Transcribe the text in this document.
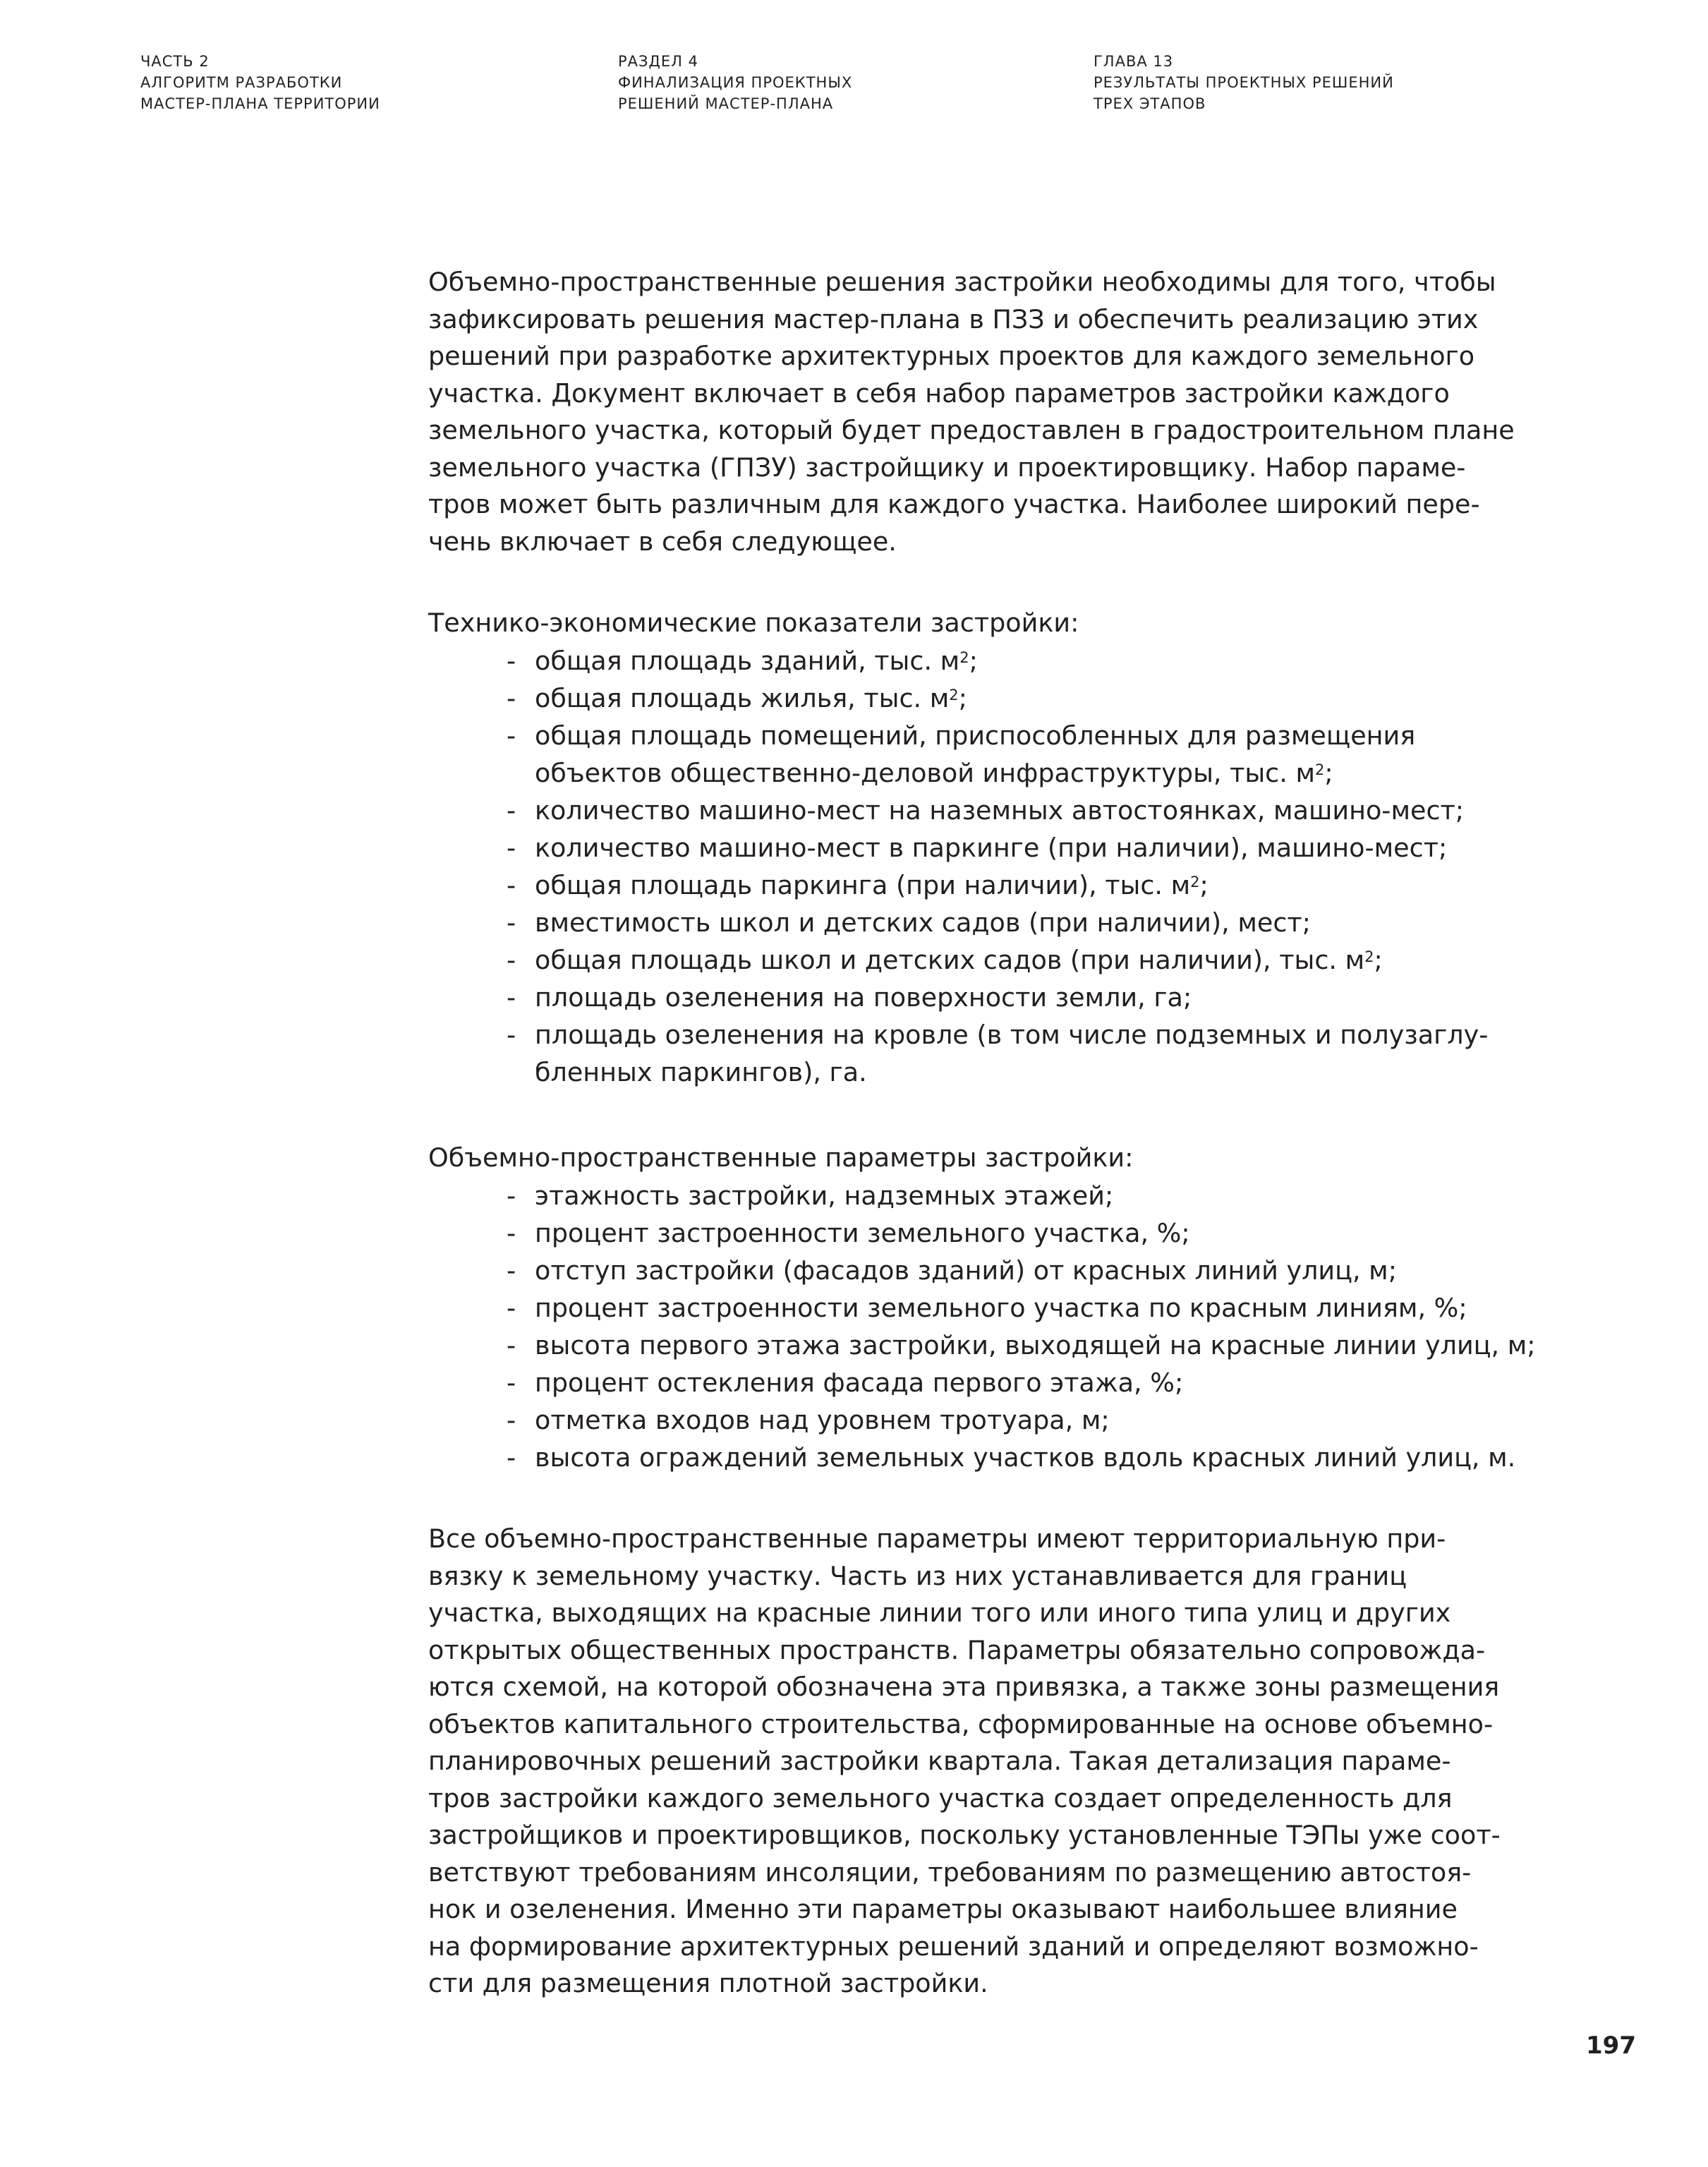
ЧАСТЬ 2
АЛГОРИТМ РАЗРАБОТКИ
МАСТЕР-ПЛАНА ТЕРРИТОРИИ
РАЗДЕЛ 4
ФИНАЛИЗАЦИЯ ПРОЕКТНЫХ
РЕШЕНИЙ МАСТЕР-ПЛАНА
ГЛАВА 13
РЕЗУЛЬТАТЫ ПРОЕКТНЫХ РЕШЕНИЙ
ТРЕХ ЭТАПОВ
Объемно-пространственные решения застройки необходимы для того, чтобы
зафиксировать решения мастер-плана в ПЗЗ и обеспечить реализацию этих
решений при разработке архитектурных проектов для каждого земельного
участка. Документ включает в себя набор параметров застройки каждого
земельного участка, который будет предоставлен в градостроительном плане
земельного участка (ГПЗУ) застройщику и проектировщику. Набор параме-
тров может быть различным для каждого участка. Наиболее широкий пере-
чень включает в себя следующее.
Технико-экономические показатели застройки:
- общая площадь зданий, тыс. $м^2$;
- общая площадь жилья, тыс. $м^2$;
- общая площадь помещений, приспособленных для размещения
объектов общественно-деловой инфраструктуры, тыс. $м^2$;
- количество машино-мест на наземных автостоянках, машино-мест;
- количество машино-мест в паркинге (при наличии), машино-мест;
- общая площадь паркинга (при наличии), тыс. $м^2$;
- вместимость школ и детских садов (при наличии), мест;
- общая площадь школ и детских садов (при наличии), тыс. $м^2$;
- площадь озеленения на поверхности земли, га;
- площадь озеленения на кровле (в том числе подземных и полузаглу-
бленных паркингов), га.
Объемно-пространственные параметры застройки:
- этажность застройки, надземных этажей;
- процент застроенности земельного участка, %;
- отступ застройки (фасадов зданий) от красных линий улиц, м;
- процент застроенности земельного участка по красным линиям, %;
- высота первого этажа застройки, выходящей на красные линии улиц, м;
- процент остекления фасада первого этажа, %;
- отметка входов над уровнем тротуара, м;
- высота ограждений земельных участков вдоль красных линий улиц, м.
Все объемно-пространственные параметры имеют территориальную при-
вязку к земельному участку. Часть из них устанавливается для границ
участка, выходящих на красные линии того или иного типа улиц и других
открытых общественных пространств. Параметры обязательно сопровожда-
ются схемой, на которой обозначена эта привязка, а также зоны размещения
объектов капитального строительства, сформированные на основе объемно-
планировочных решений застройки квартала. Такая детализация параме-
тров застройки каждого земельного участка создает определенность для
застройщиков и проектировщиков, поскольку установленные ТЭПы уже соот-
ветствуют требованиям инсоляции, требованиям по размещению автостоя-
нок и озеленения. Именно эти параметры оказывают наибольшее влияние
на формирование архитектурных решений зданий и определяют возможно-
сти для размещения плотной застройки.
197
